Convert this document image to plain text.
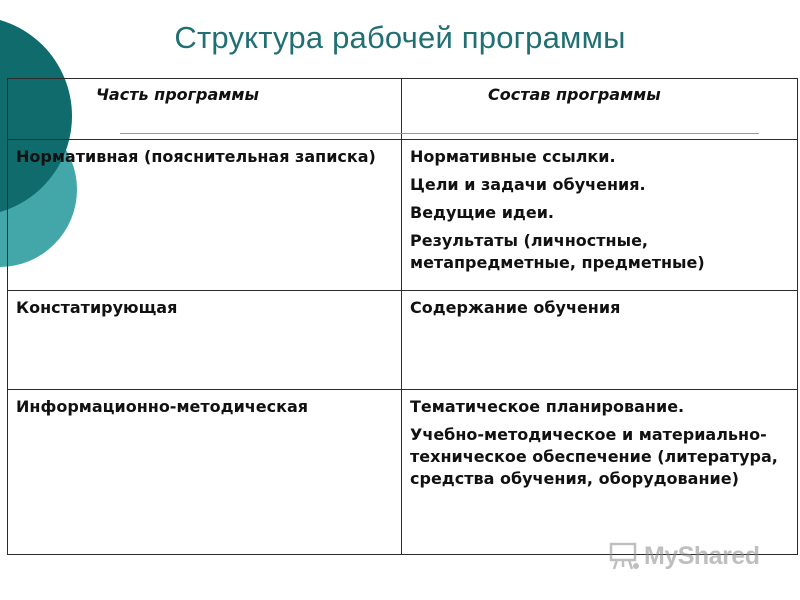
Структура рабочей программы
Часть программы	Состав программы

Нормативная (пояснительная записка)	Нормативные ссылки.
Цели и задачи обучения.
Ведущие идеи.
Результаты (личностные, метапредметные, предметные)

Констатирующая	Содержание обучения

Информационно-методическая	Тематическое планирование.
Учебно-методическое и материально-техническое обеспечение (литература, средства обучения, оборудование)
MyShared
